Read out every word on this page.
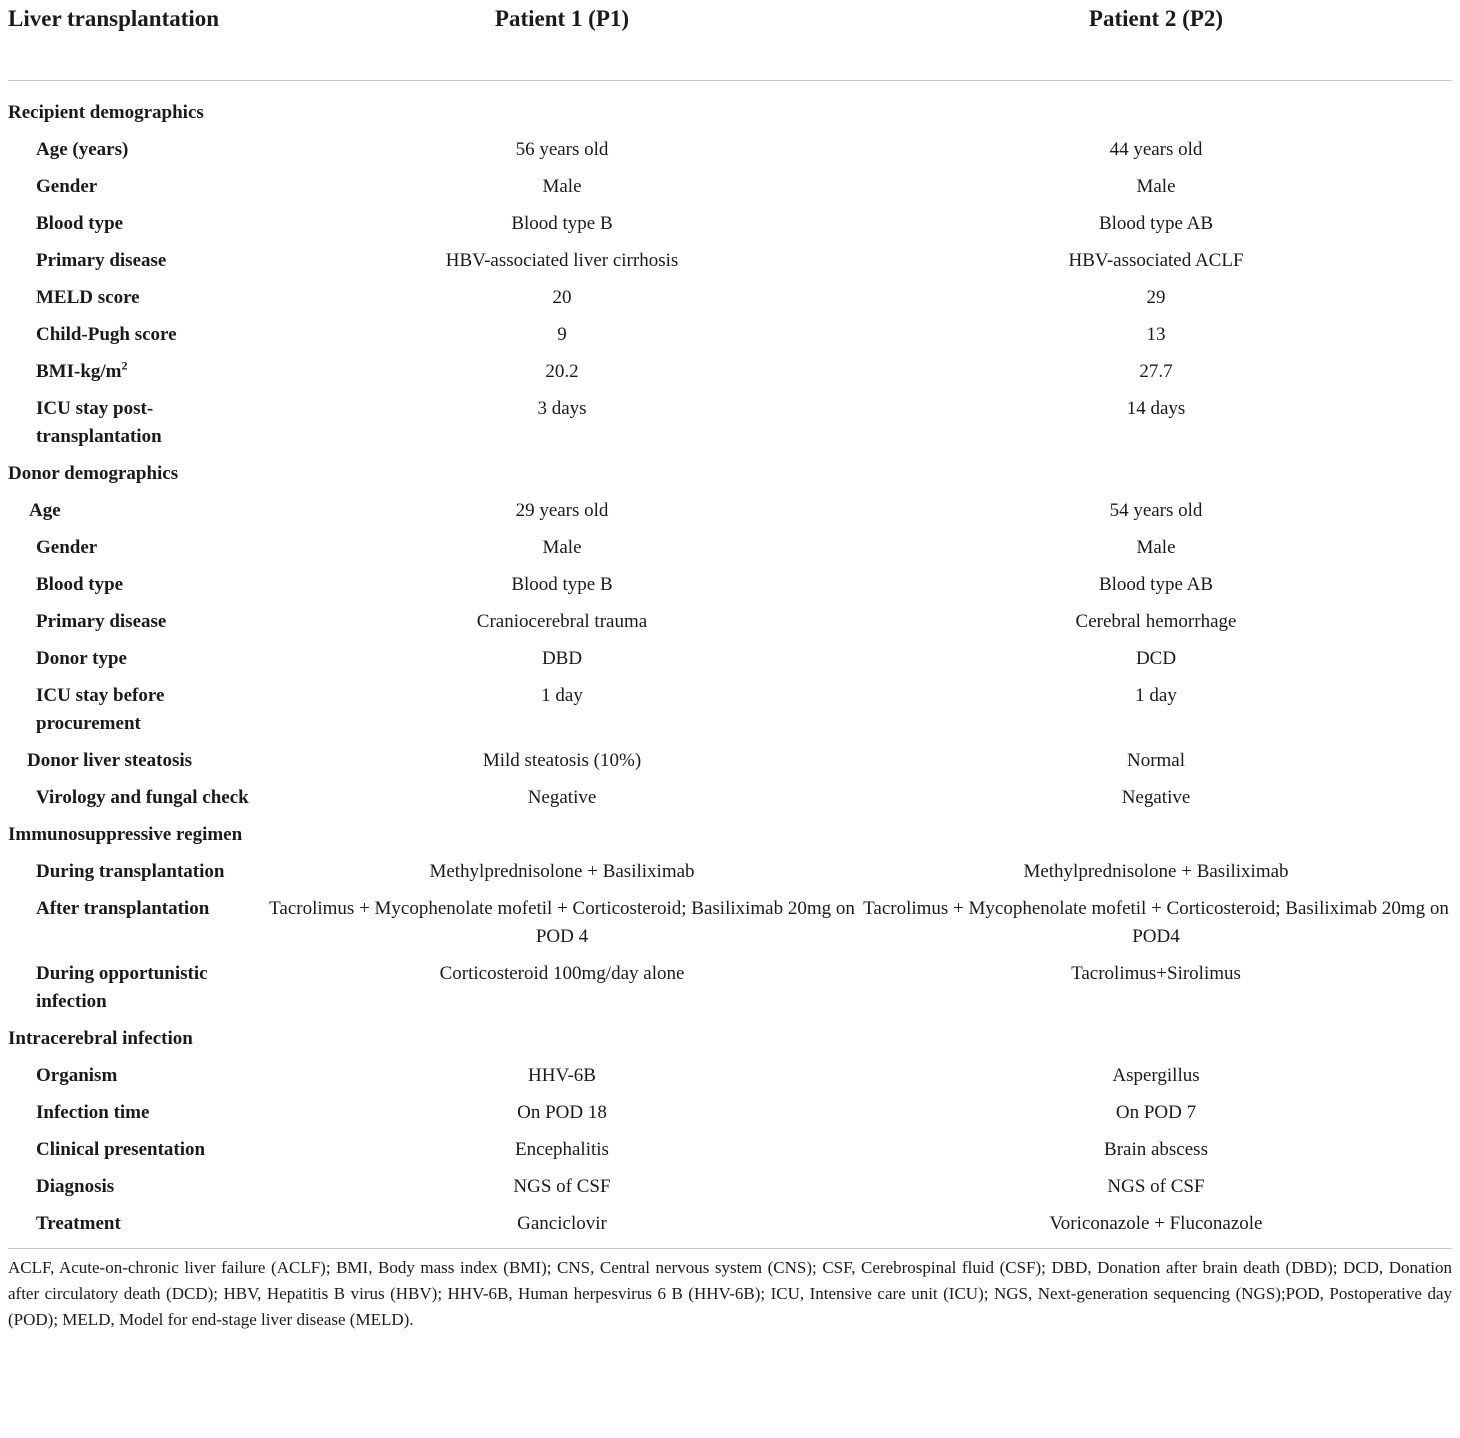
Liver transplantation	Patient 1 (P1)	Patient 2 (P2)
Recipient demographics		
Age (years)	56 years old	44 years old
Gender	Male	Male
Blood type	Blood type B	Blood type AB
Primary disease	HBV-associated liver cirrhosis	HBV-associated ACLF
MELD score	20	29
Child-Pugh score	9	13
BMI-$kg/m^2$	20.2	27.7
ICU stay post-transplantation	3 days	14 days
Donor demographics		
Age	29 years old	54 years old
Gender	Male	Male
Blood type	Blood type B	Blood type AB
Primary disease	Craniocerebral trauma	Cerebral hemorrhage
Donor type	DBD	DCD
ICU stay before procurement	1 day	1 day
Donor liver steatosis	Mild steatosis (10%)	Normal
Virology and fungal check	Negative	Negative
Immunosuppressive regimen		
During transplantation	Methylprednisolone + Basiliximab	Methylprednisolone + Basiliximab
After transplantation	Tacrolimus + Mycophenolate mofetil + Corticosteroid; Basiliximab 20mg on POD 4	Tacrolimus + Mycophenolate mofetil + Corticosteroid; Basiliximab 20mg on POD4
During opportunistic infection	Corticosteroid 100mg/day alone	Tacrolimus+Sirolimus
Intracerebral infection		
Organism	HHV-6B	Aspergillus
Infection time	On POD 18	On POD 7
Clinical presentation	Encephalitis	Brain abscess
Diagnosis	NGS of CSF	NGS of CSF
Treatment	Ganciclovir	Voriconazole + Fluconazole
ACLF, Acute-on-chronic liver failure (ACLF); BMI, Body mass index (BMI); CNS, Central nervous system (CNS); CSF, Cerebrospinal fluid (CSF); DBD, Donation after brain death (DBD); DCD, Donation after circulatory death (DCD); HBV, Hepatitis B virus (HBV); HHV-6B, Human herpesvirus 6 B (HHV-6B); ICU, Intensive care unit (ICU); NGS, Next-generation sequencing (NGS);POD, Postoperative day (POD); MELD, Model for end-stage liver disease (MELD).
